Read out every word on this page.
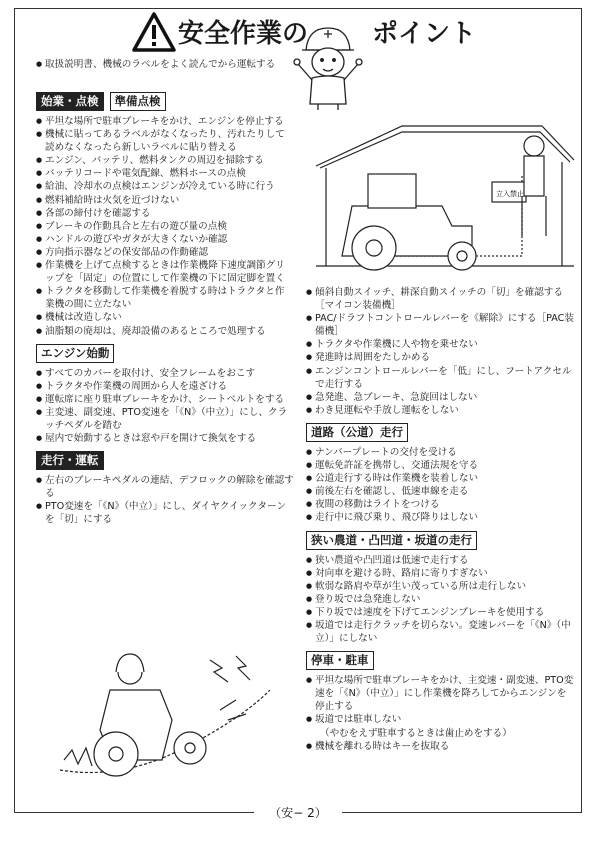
安全作業の ポイント
● 取扱説明書、機械のラベルをよく読んでから運転する
始業・点検	準備点検
● 平坦な場所で駐車ブレーキをかけ、エンジンを停止する
● 機械に貼ってあるラベルがなくなったり、汚れたりして読めなくなったら新しいラベルに貼り替える
● エンジン、バッテリ、燃料タンクの周辺を掃除する
● バッテリコードや電気配線、燃料ホースの点検
● 給油、冷却水の点検はエンジンが冷えている時に行う
● 燃料補給時は火気を近づけない
● 各部の締付けを確認する
● ブレーキの作動具合と左右の遊び量の点検
● ハンドルの遊びやガタが大きくないか確認
● 方向指示器などの保安部品の作動確認
● 作業機を上げて点検するときは作業機降下速度調節グリップを「固定」の位置にして作業機の下に固定脚を置く
● トラクタを移動して作業機を着脱する時はトラクタと作業機の間に立たない
● 機械は改造しない
● 油脂類の廃却は、廃却設備のあるところで処理する
エンジン始動
● すべてのカバーを取付け、安全フレームをおこす
● トラクタや作業機の周囲から人を遠ざける
● 運転席に座り駐車ブレーキをかけ、シートベルトをする
● 主変速、副変速、PTO変速を「《N》（中立）」にし、クラッチペダルを踏む
● 屋内で始動するときは窓や戸を開けて換気をする
走行・運転
● 左右のブレーキペダルの連結、デフロックの解除を確認する
● PTO変速を「《N》（中立）」にし、ダイヤクイックターンを「切」にする
立入禁止
● 傾斜自動スイッチ、耕深自動スイッチの「切」を確認する［マイコン装備機］
● PAC/ドラフトコントロールレバーを《解除》にする［PAC装備機］
● トラクタや作業機に人や物を乗せない
● 発進時は周囲をたしかめる
● エンジンコントロールレバーを「低」にし、フートアクセルで走行する
● 急発進、急ブレーキ、急旋回はしない
● わき見運転や手放し運転をしない
道路（公道）走行
● ナンバープレートの交付を受ける
● 運転免許証を携帯し、交通法規を守る
● 公道走行する時は作業機を装着しない
● 前後左右を確認し、低速車線を走る
● 夜間の移動はライトをつける
● 走行中に飛び乗り、飛び降りはしない
狭い農道・凸凹道・坂道の走行
● 狭い農道や凸凹道は低速で走行する
● 対向車を避ける時、路肩に寄りすぎない
● 軟弱な路肩や草が生い茂っている所は走行しない
● 登り坂では急発進しない
● 下り坂では速度を下げてエンジンブレーキを使用する
● 坂道では走行クラッチを切らない。変速レバーを「《N》（中立）」にしない
停車・駐車
● 平坦な場所で駐車ブレーキをかけ、主変速・副変速、PTO変速を「《N》（中立）」にし作業機を降ろしてからエンジンを停止する
● 坂道では駐車しない
（やむをえず駐車するときは歯止めをする）
● 機械を離れる時はキーを抜取る
（安− 2）
